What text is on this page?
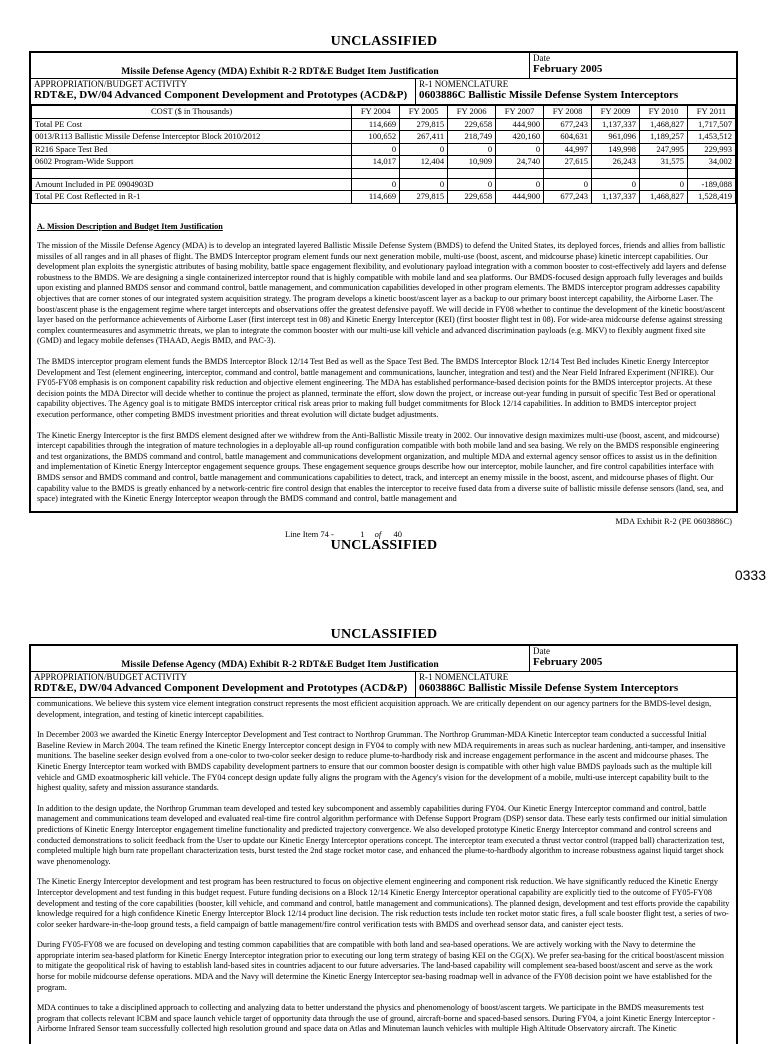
UNCLASSIFIED
Missile Defense Agency (MDA) Exhibit R-2 RDT&E Budget Item Justification
Date
February 2005
APPROPRIATION/BUDGET ACTIVITY
RDT&E, DW/04 Advanced Component Development and Prototypes (ACD&P)
R-1 NOMENCLATURE
0603886C Ballistic Missile Defense System Interceptors
COST ($ in Thousands)	FY 2004	FY 2005	FY 2006	FY 2007	FY 2008	FY 2009	FY 2010	FY 2011
Total PE Cost	114,669	279,815	229,658	444,900	677,243	1,137,337	1,468,827	1,717,507
0013/R113 Ballistic Missile Defense Interceptor Block 2010/2012	100,652	267,411	218,749	420,160	604,631	961,096	1,189,257	1,453,512
R216 Space Test Bed	0	0	0	0	44,997	149,998	247,995	229,993
0602 Program-Wide Support	14,017	12,404	10,909	24,740	27,615	26,243	31,575	34,002

Amount Included in PE 0904903D	0	0	0	0	0	0	0	-189,088
Total PE Cost Reflected in R-1	114,669	279,815	229,658	444,900	677,243	1,137,337	1,468,827	1,528,419
A. Mission Description and Budget Item Justification

The mission of the Missile Defense Agency (MDA) is to develop an integrated layered Ballistic Missile Defense System (BMDS) to defend the United States, its deployed forces, friends and allies from ballistic missiles of all ranges and in all phases of flight. The BMDS Interceptor program element funds our next generation mobile, multi-use (boost, ascent, and midcourse phase) kinetic intercept capabilities. Our development plan exploits the synergistic attributes of basing mobility, battle space engagement flexibility, and evolutionary payload integration with a common booster to cost-effectively add layers and defense robustness to the BMDS. We are designing a single containerized interceptor round that is highly compatible with mobile land and sea platforms. Our BMDS-focused design approach fully leverages and builds upon existing and planned BMDS sensor and command control, battle management, and communication capabilities developed in other program elements. The BMDS interceptor program addresses capability objectives that are corner stones of our integrated system acquisition strategy. The program develops a kinetic boost/ascent layer as a backup to our primary boost intercept capability, the Airborne Laser. The boost/ascent phase is the engagement regime where target intercepts and observations offer the greatest defensive payoff. We will decide in FY08 whether to continue the development of the kinetic boost/ascent layer based on the performance achievements of Airborne Laser (first intercept test in 08) and Kinetic Energy Interceptor (KEI) (first booster flight test in 08). For wide-area midcourse defense against stressing complex countermeasures and asymmetric threats, we plan to integrate the common booster with our multi-use kill vehicle and advanced discrimination payloads (e.g. MKV) to flexibly augment fixed site (GMD) and legacy mobile defenses (THAAD, Aegis BMD, and PAC-3).

The BMDS interceptor program element funds the BMDS Interceptor Block 12/14 Test Bed as well as the Space Test Bed. The BMDS Interceptor Block 12/14 Test Bed includes Kinetic Energy Interceptor Development and Test (element engineering, interceptor, command and control, battle management and communications, launcher, integration and test) and the Near Field Infrared Experiment (NFIRE). Our FY05-FY08 emphasis is on component capability risk reduction and objective element engineering. The MDA has established performance-based decision points for the BMDS interceptor projects. At these decision points the MDA Director will decide whether to continue the project as planned, terminate the effort, slow down the project, or increase out-year funding in pursuit of specific Test Bed or operational capability objectives. The Agency goal is to mitigate BMDS interceptor critical risk areas prior to making full budget commitments for Block 12/14 capabilities. In addition to BMDS interceptor project execution performance, other competing BMDS investment priorities and threat evolution will dictate budget adjustments.

The Kinetic Energy Interceptor is the first BMDS element designed after we withdrew from the Anti-Ballistic Missile treaty in 2002. Our innovative design maximizes multi-use (boost, ascent, and midcourse) intercept capabilities through the integration of mature technologies in a deployable all-up round configuration compatible with both mobile land and sea basing. We rely on the BMDS responsible engineering and test organizations, the BMDS command and control, battle management and communications development organization, and multiple MDA and external agency sensor offices to assist us in the definition and implementation of Kinetic Energy Interceptor engagement sequence groups. These engagement sequence groups describe how our interceptor, mobile launcher, and fire control capabilities interface with BMDS sensor and BMDS command and control, battle management and communications capabilities to detect, track, and intercept an enemy missile in the boost, ascent, and midcourse phases of flight. Our capability value to the BMDS is greatly enhanced by a network-centric fire control design that enables the interceptor to receive fused data from a diverse suite of ballistic missile defense sensors (land, sea, and space) integrated with the Kinetic Energy Interceptor weapon through the BMDS command and control, battle management and

MDA Exhibit R-2 (PE 0603886C)
Line Item 74 -	1 of 40
UNCLASSIFIED
0333
UNCLASSIFIED
Missile Defense Agency (MDA) Exhibit R-2 RDT&E Budget Item Justification
Date
February 2005
APPROPRIATION/BUDGET ACTIVITY
RDT&E, DW/04 Advanced Component Development and Prototypes (ACD&P)
R-1 NOMENCLATURE
0603886C Ballistic Missile Defense System Interceptors

communications. We believe this system vice element integration construct represents the most efficient acquisition approach. We are critically dependent on our agency partners for the BMDS-level design, development, integration, and testing of kinetic intercept capabilities.

In December 2003 we awarded the Kinetic Energy Interceptor Development and Test contract to Northrop Grumman. The Northrop Grumman-MDA Kinetic Interceptor team conducted a successful Initial Baseline Review in March 2004. The team refined the Kinetic Energy Interceptor concept design in FY04 to comply with new MDA requirements in areas such as nuclear hardening, anti-tamper, and insensitive munitions. The baseline seeker design evolved from a one-color to two-color seeker design to reduce plume-to-hardbody risk and increase engagement performance in the ascent and midcourse phases. The Kinetic Energy Interceptor team worked with BMDS capability development partners to ensure that our common booster design is compatible with other high value BMDS payloads such as the multiple kill vehicle and GMD exoatmospheric kill vehicle. The FY04 concept design update fully aligns the program with the Agency's vision for the development of a mobile, multi-use intercept capability built to the highest quality, safety and mission assurance standards.

In addition to the design update, the Northrop Grumman team developed and tested key subcomponent and assembly capabilities during FY04. Our Kinetic Energy Interceptor command and control, battle management and communications team developed and evaluated real-time fire control algorithm performance with Defense Support Program (DSP) sensor data. These early tests confirmed our initial simulation predictions of Kinetic Energy Interceptor engagement timeline functionality and predicted trajectory convergence. We also developed prototype Kinetic Energy Interceptor command and control screens and conducted demonstrations to solicit feedback from the User to update our Kinetic Energy Interceptor operations concept. The interceptor team executed a thrust vector control (trapped ball) characterization test, completed multiple high burn rate propellant characterization tests, burst tested the 2nd stage rocket motor case, and enhanced the plume-to-hardbody algorithm to increase robustness against liquid target shock wave phenomenology.

The Kinetic Energy Interceptor development and test program has been restructured to focus on objective element engineering and component risk reduction. We have significantly reduced the Kinetic Energy Interceptor development and test funding in this budget request. Future funding decisions on a Block 12/14 Kinetic Energy Interceptor operational capability are explicitly tied to the outcome of FY05-FY08 development and testing of the core capabilities (booster, kill vehicle, and command and control, battle management and communications). The planned design, development and test efforts provide the capability knowledge required for a high confidence Kinetic Energy Interceptor Block 12/14 product line decision. The risk reduction tests include ten rocket motor static fires, a full scale booster flight test, a series of two-color seeker hardware-in-the-loop ground tests, a field campaign of battle management/fire control verification tests with BMDS and overhead sensor data, and canister eject tests.

During FY05-FY08 we are focused on developing and testing common capabilities that are compatible with both land and sea-based operations. We are actively working with the Navy to determine the appropriate interim sea-based platform for Kinetic Energy Interceptor integration prior to executing our long term strategy of basing KEI on the CG(X). We prefer sea-basing for the critical boost/ascent mission to mitigate the geopolitical risk of having to establish land-based sites in countries adjacent to our future adversaries. The land-based capability will complement sea-based boost/ascent and serve as the work horse for mobile midcourse defense operations. MDA and the Navy will determine the Kinetic Energy Interceptor sea-basing roadmap well in advance of the FY08 decision point we have established for the program.

MDA continues to take a disciplined approach to collecting and analyzing data to better understand the physics and phenomenology of boost/ascent targets. We participate in the BMDS measurements test program that collects relevant ICBM and space launch vehicle target of opportunity data through the use of ground, aircraft-borne and spaced-based sensors. During FY04, a joint Kinetic Energy Interceptor - Airborne Infrared Sensor team successfully collected high resolution ground and space data on Atlas and Minuteman launch vehicles with multiple High Altitude Observatory aircraft. The Kinetic
